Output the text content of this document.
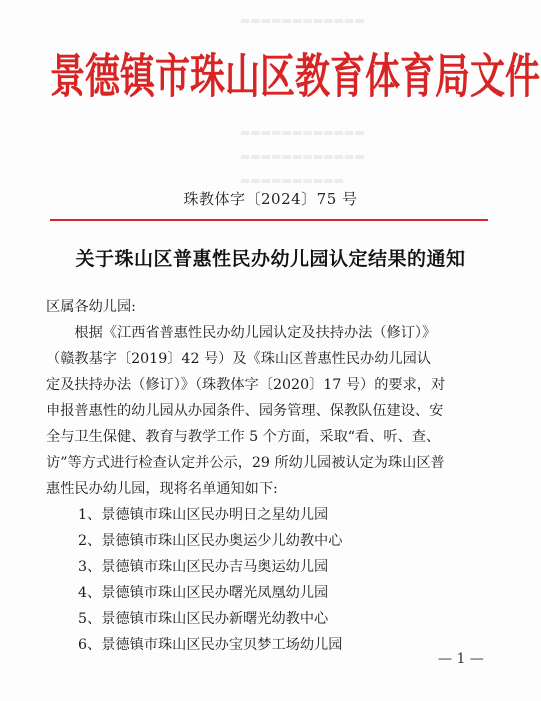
▬▬▬▬▬▬▬▬▬▬▬▬
▬▬▬▬▬▬▬▬▬▬▬▬
▬▬▬▬▬▬▬▬▬▬▬▬
▬▬▬▬▬▬▬▬▬▬
景德镇市珠山区教育体育局文件
珠教体字〔2024〕75 号
关于珠山区普惠性民办幼儿园认定结果的通知
区属各幼儿园:
　　根据《江西省普惠性民办幼儿园认定及扶持办法（修订）》
（赣教基字〔2019〕42 号）及《珠山区普惠性民办幼儿园认
定及扶持办法（修订）》（珠教体字〔2020〕17 号）的要求，对
申报普惠性的幼儿园从办园条件、园务管理、保教队伍建设、安
全与卫生保健、教育与教学工作 5 个方面，采取“看、听、查、
访”等方式进行检查认定并公示，29 所幼儿园被认定为珠山区普
惠性民办幼儿园，现将名单通知如下:
1、景德镇市珠山区民办明日之星幼儿园
2、景德镇市珠山区民办奥运少儿幼教中心
3、景德镇市珠山区民办吉马奥运幼儿园
4、景德镇市珠山区民办曙光凤凰幼儿园
5、景德镇市珠山区民办新曙光幼教中心
6、景德镇市珠山区民办宝贝梦工场幼儿园
— 1 —
